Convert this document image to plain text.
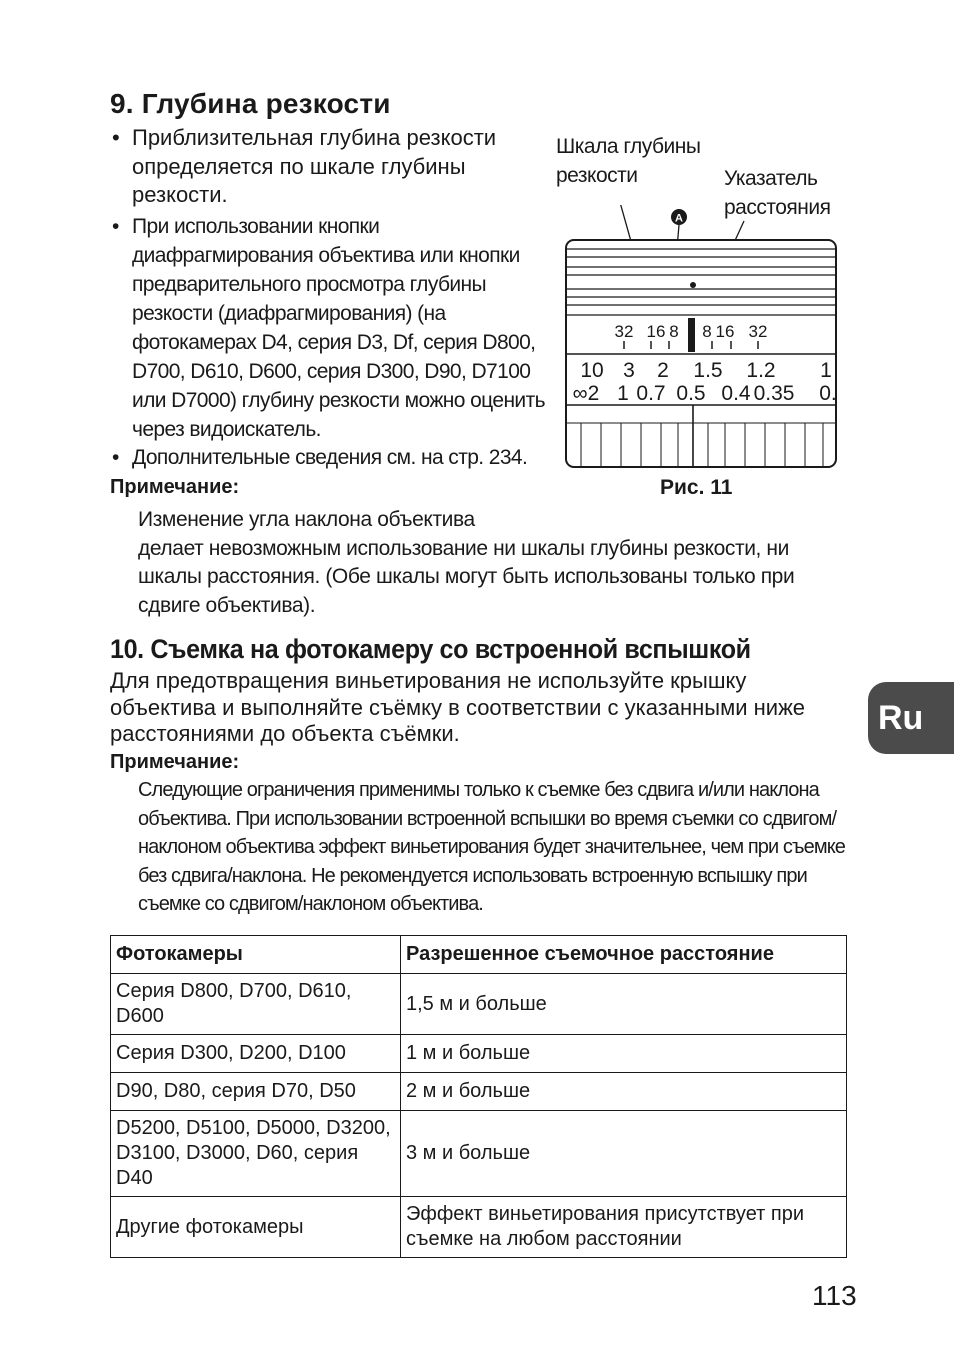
9. Глубина резкости
• Приблизительная глубина резкости определяется по шкале глубины резкости.
• При использовании кнопки диафрагмирования объектива или кнопки предварительного просмотра глубины резкости (диафрагмирования) (на фотокамерах D4, серия D3, Df, серия D800, D700, D610, D600, серия D300, D90, D7100 или D7000) глубину резкости можно оценить через видоискатель.
• Дополнительные сведения см. на стр. 234.
Примечание:
Изменение угла наклона объектива
делает невозможным использование ни шкалы глубины резкости, ни шкалы расстояния. (Обе шкалы могут быть использованы только при сдвиге объектива).
Шкала глубины резкости	Указатель расстояния
A
32 16 8 8 16 32
10 3 2 1.5 1.2 1
∞2 1 0.7 0.5 0.4 0.35 0.
Рис. 11
10. Съемка на фотокамеру со встроенной вспышкой
Для предотвращения виньетирования не используйте крышку объектива и выполняйте съёмку в соответствии с указанными ниже расстояниями до объекта съёмки.
Примечание:
Следующие ограничения применимы только к съемке без сдвига и/или наклона объектива. При использовании встроенной вспышки во время съемки со сдвигом/наклоном объектива эффект виньетирования будет значительнее, чем при съемке без сдвига/наклона. Не рекомендуется использовать встроенную вспышку при съемке со сдвигом/наклоном объектива.
Фотокамеры	Разрешенное съемочное расстояние
Серия D800, D700, D610, D600	1,5 м и больше
Серия D300, D200, D100	1 м и больше
D90, D80, серия D70, D50	2 м и больше
D5200, D5100, D5000, D3200, D3100, D3000, D60, серия D40	3 м и больше
Другие фотокамеры	Эффект виньетирования присутствует при съемке на любом расстоянии
Ru
113
